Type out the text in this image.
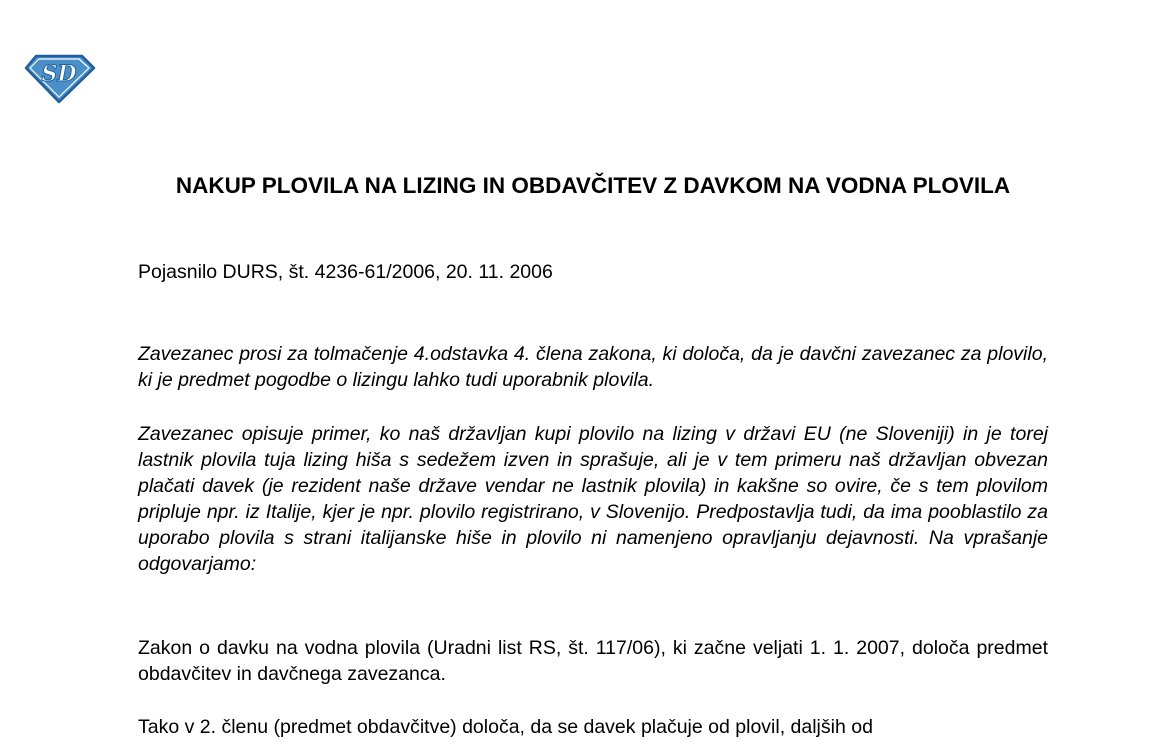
SD
NAKUP PLOVILA NA LIZING IN OBDAVČITEV Z DAVKOM NA VODNA PLOVILA

Pojasnilo DURS, št. 4236-61/2006, 20. 11. 2006

Zavezanec prosi za tolmačenje 4.odstavka 4. člena zakona, ki določa, da je davčni zavezanec za plovilo, ki je predmet pogodbe o lizingu lahko tudi uporabnik plovila.

Zavezanec opisuje primer, ko naš državljan kupi plovilo na lizing v državi EU (ne Sloveniji) in je torej lastnik plovila tuja lizing hiša s sedežem izven in sprašuje, ali je v tem primeru naš državljan obvezan plačati davek (je rezident naše države vendar ne lastnik plovila) in kakšne so ovire, če s tem plovilom pripluje npr. iz Italije, kjer je npr. plovilo registrirano, v Slovenijo. Predpostavlja tudi, da ima pooblastilo za uporabo plovila s strani italijanske hiše in plovilo ni namenjeno opravljanju dejavnosti. Na vprašanje odgovarjamo:

Zakon o davku na vodna plovila (Uradni list RS, št. 117/06), ki začne veljati 1. 1. 2007, določa predmet obdavčitev in davčnega zavezanca.

Tako v 2. členu (predmet obdavčitve) določa, da se davek plačuje od plovil, daljših od
